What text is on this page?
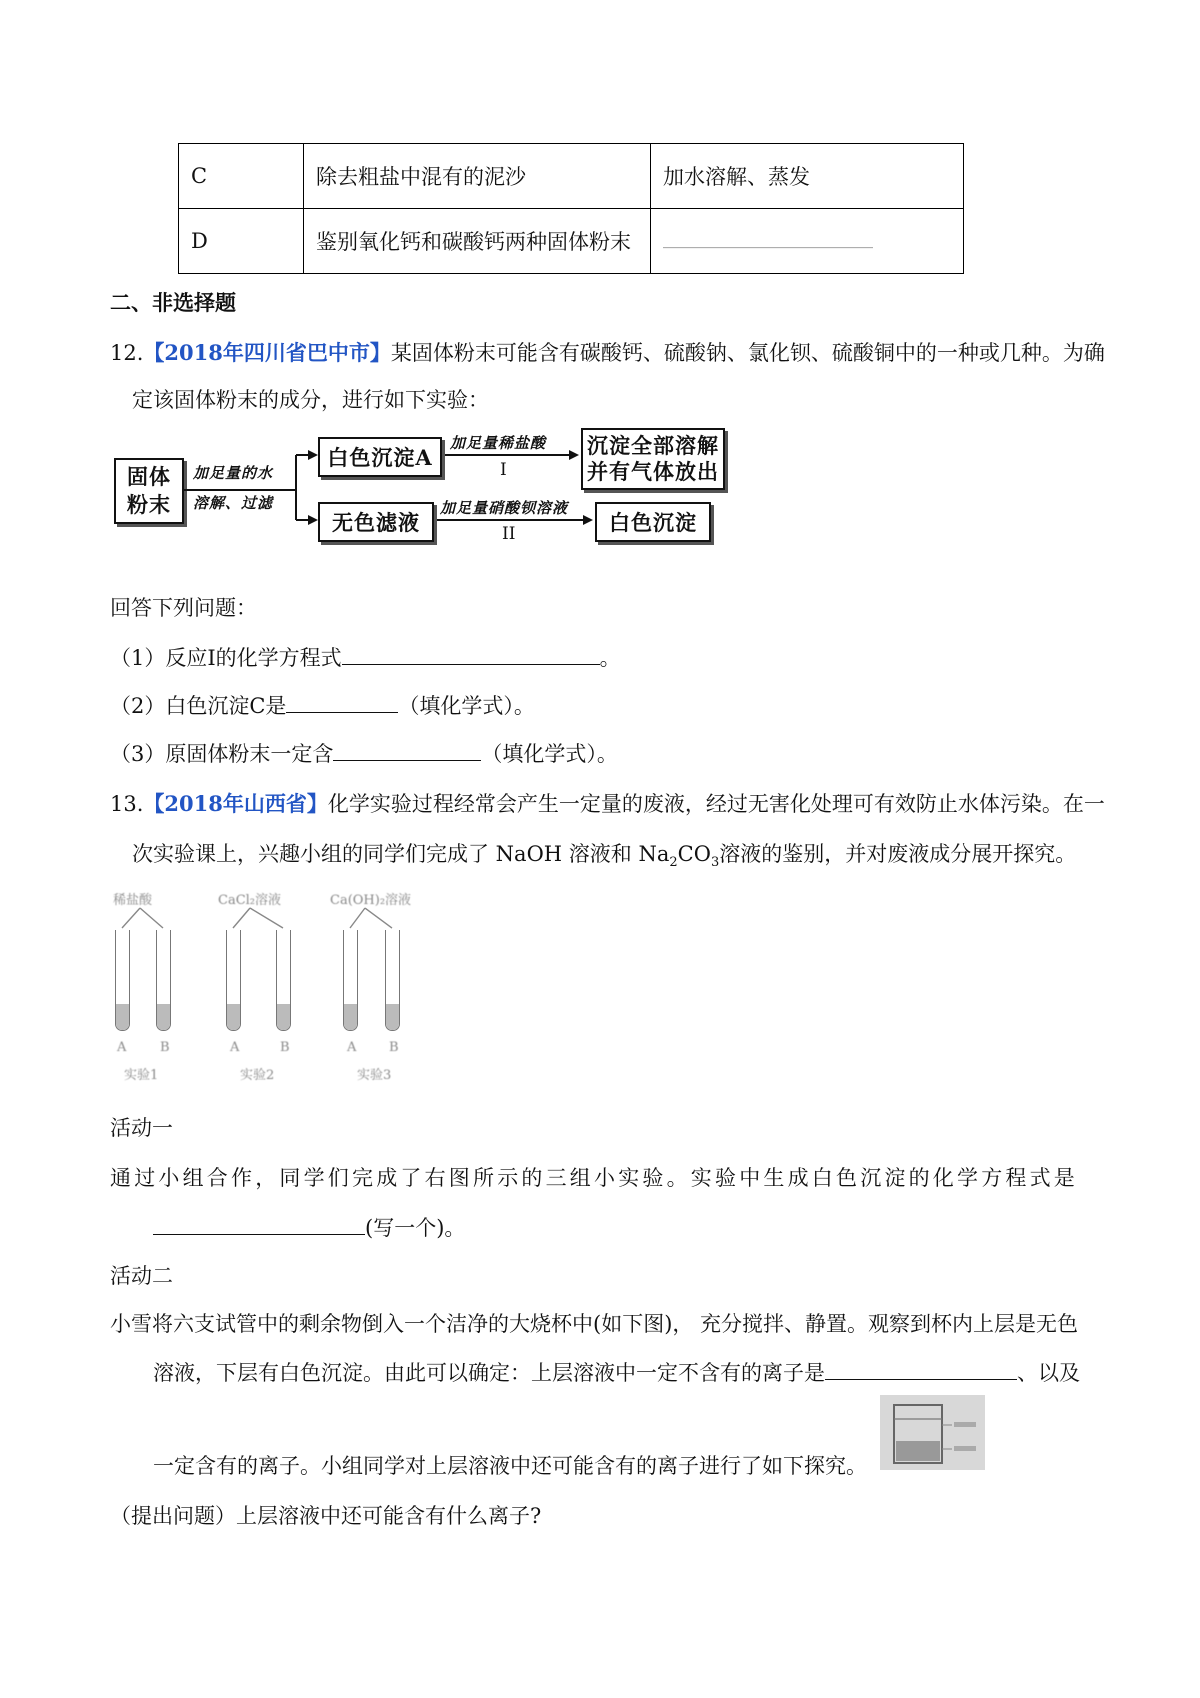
C	除去粗盐中混有的泥沙	加水溶解、蒸发
D	鉴别氧化钙和碳酸钙两种固体粉末	______________________________
二、非选择题
12.【2018年四川省巴中市】某固体粉末可能含有碳酸钙、硫酸钠、氯化钡、硫酸铜中的一种或几种。为确
定该固体粉末的成分，进行如下实验：
固体
粉末
加足量的水
溶解、过滤
白色沉淀A
加足量稀盐酸
I
沉淀全部溶解
并有气体放出
无色滤液
加足量硝酸钡溶液
II	白色沉淀
回答下列问题：
（1）反应I的化学方程式	。
（2）白色沉淀C是	（填化学式）。
（3）原固体粉末一定含	（填化学式）。
13.【2018年山西省】化学实验过程经常会产生一定量的废液，经过无害化处理可有效防止水体污染。在一
次实验课上，兴趣小组的同学们完成了 NaOH 溶液和 $Na_2CO_3$溶液的鉴别，并对废液成分展开探究。
稀盐酸	CaCl₂溶液	Ca(OH)₂溶液
A	B	A	B	A	B
实验1	实验2	实验3
活动一
通过小组合作，同学们完成了右图所示的三组小实验。实验中生成白色沉淀的化学方程式是
(写一个)。
活动二
小雪将六支试管中的剩余物倒入一个洁净的大烧杯中(如下图)， 充分搅拌、静置。观察到杯内上层是无色
溶液，下层有白色沉淀。由此可以确定：上层溶液中一定不含有的离子是	、以及
一定含有的离子。小组同学对上层溶液中还可能含有的离子进行了如下探究。
（提出问题）上层溶液中还可能含有什么离子?
